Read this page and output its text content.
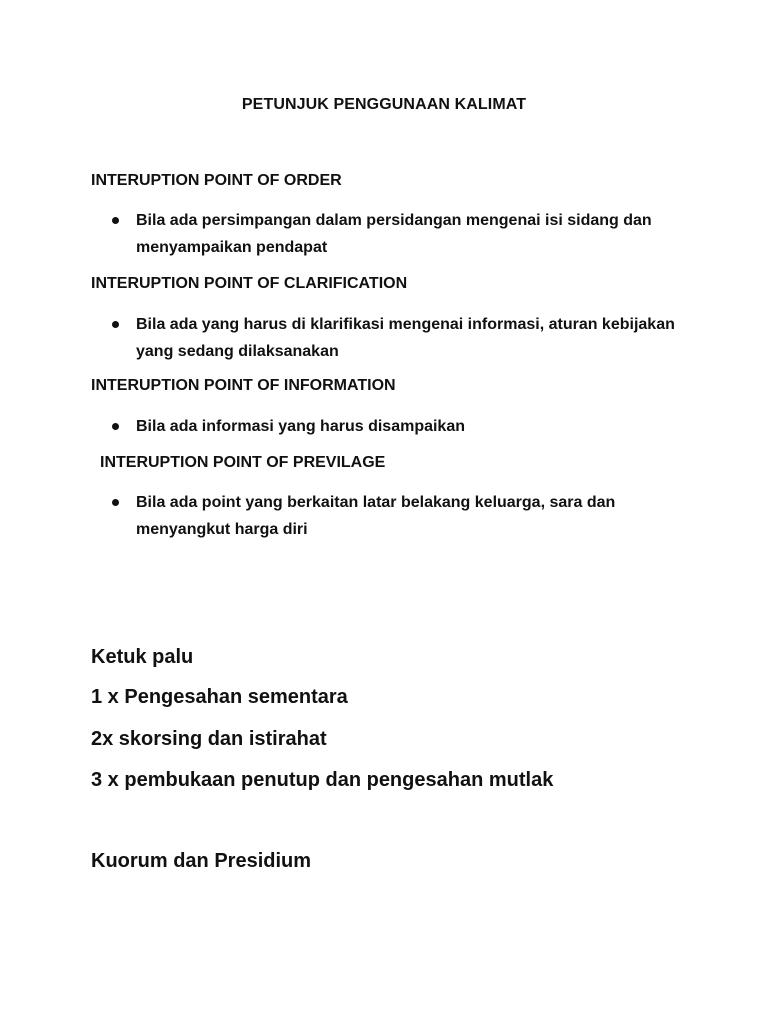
PETUNJUK PENGGUNAAN KALIMAT
INTERUPTION POINT OF ORDER
Bila ada persimpangan dalam persidangan mengenai isi sidang dan menyampaikan pendapat
INTERUPTION POINT OF CLARIFICATION
Bila ada yang harus di klarifikasi mengenai informasi, aturan kebijakan yang sedang dilaksanakan
INTERUPTION POINT OF INFORMATION
Bila ada informasi yang harus disampaikan
INTERUPTION POINT OF PREVILAGE
Bila ada point yang berkaitan latar belakang keluarga, sara dan menyangkut harga diri
Ketuk palu
1 x Pengesahan sementara
2x skorsing dan istirahat
3 x pembukaan penutup dan pengesahan mutlak
Kuorum dan Presidium
